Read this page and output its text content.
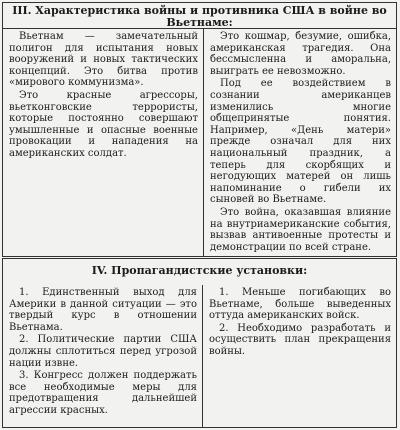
III. Характеристика войны и противника США в войне во
Вьетнаме:

Вьетнам — замечательный полигон для испытания новых вооружений и новых тактических концепций. Это битва против «мирового коммунизма».

Это красные агрессоры, вьетконговские террористы, которые постоянно совершают умышленные и опасные военные провокации и нападения на американских солдат.

Это кошмар, безумие, ошибка, американская трагедия. Она бессмысленна и аморальна, выиграть ее невозможно.

Под ее воздействием в сознании американцев изменились многие общепринятые понятия. Например, «День матери» прежде означал для них национальный праздник, а теперь для скорбящих и негодующих матерей он лишь напоминание о гибели их сыновей во Вьетнаме.

Это война, оказавшая влияние на внутриамериканские события, вызвав антивоенные протесты и демонстрации по всей стране.

IV. Пропагандистские установки:

1. Единственный выход для Америки в данной ситуации — это твердый курс в отношении Вьетнама.

2. Политические партии США должны сплотиться перед угрозой нации извне.

3. Конгресс должен поддержать все необходимые меры для предотвращения дальнейшей агрессии красных.

1. Меньше погибающих во Вьетнаме, больше выведенных оттуда американских войск.

2. Необходимо разработать и осуществить план прекращения войны.
